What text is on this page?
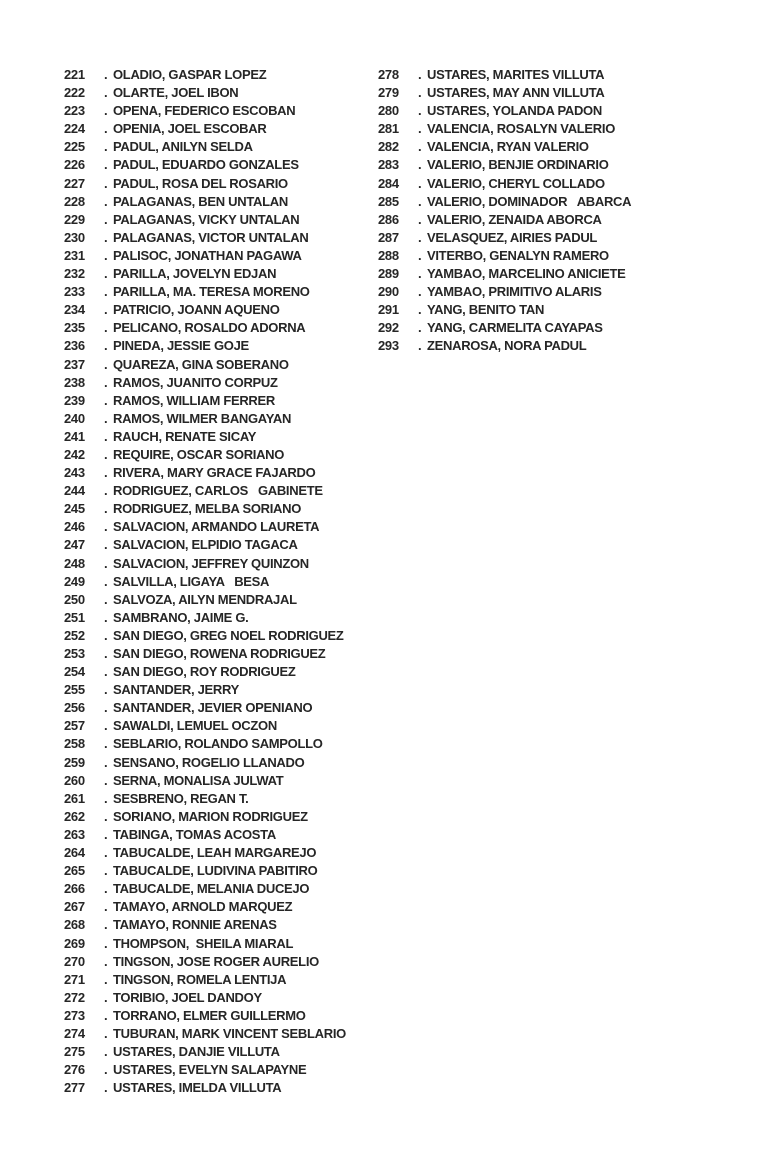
221 . OLADIO, GASPAR LOPEZ
222 . OLARTE, JOEL IBON
223 . OPENA, FEDERICO ESCOBAN
224 . OPENIA, JOEL ESCOBAR
225 . PADUL, ANILYN SELDA
226 . PADUL, EDUARDO GONZALES
227 . PADUL, ROSA DEL ROSARIO
228 . PALAGANAS, BEN UNTALAN
229 . PALAGANAS, VICKY UNTALAN
230 . PALAGANAS, VICTOR UNTALAN
231 . PALISOC, JONATHAN PAGAWA
232 . PARILLA, JOVELYN EDJAN
233 . PARILLA, MA. TERESA MORENO
234 . PATRICIO, JOANN AQUENO
235 . PELICANO, ROSALDO ADORNA
236 . PINEDA, JESSIE GOJE
237 . QUAREZA, GINA SOBERANO
238 . RAMOS, JUANITO CORPUZ
239 . RAMOS, WILLIAM FERRER
240 . RAMOS, WILMER BANGAYAN
241 . RAUCH, RENATE SICAY
242 . REQUIRE, OSCAR SORIANO
243 . RIVERA, MARY GRACE FAJARDO
244 . RODRIGUEZ, CARLOS   GABINETE
245 . RODRIGUEZ, MELBA SORIANO
246 . SALVACION, ARMANDO LAURETA
247 . SALVACION, ELPIDIO TAGACA
248 . SALVACION, JEFFREY QUINZON
249 . SALVILLA, LIGAYA   BESA
250 . SALVOZA, AILYN MENDRAJAL
251 . SAMBRANO, JAIME G.
252 . SAN DIEGO, GREG NOEL RODRIGUEZ
253 . SAN DIEGO, ROWENA RODRIGUEZ
254 . SAN DIEGO, ROY RODRIGUEZ
255 . SANTANDER, JERRY
256 . SANTANDER, JEVIER OPENIANO
257 . SAWALDI, LEMUEL OCZON
258 . SEBLARIO, ROLANDO SAMPOLLO
259 . SENSANO, ROGELIO LLANADO
260 . SERNA, MONALISA JULWAT
261 . SESBRENO, REGAN T.
262 . SORIANO, MARION RODRIGUEZ
263 . TABINGA, TOMAS ACOSTA
264 . TABUCALDE, LEAH MARGAREJO
265 . TABUCALDE, LUDIVINA PABITIRO
266 . TABUCALDE, MELANIA DUCEJO
267 . TAMAYO, ARNOLD MARQUEZ
268 . TAMAYO, RONNIE ARENAS
269 . THOMPSON,  SHEILA MIARAL
270 . TINGSON, JOSE ROGER AURELIO
271 . TINGSON, ROMELA LENTIJA
272 . TORIBIO, JOEL DANDOY
273 . TORRANO, ELMER GUILLERMO
274 . TUBURAN, MARK VINCENT SEBLARIO
275 . USTARES, DANJIE VILLUTA
276 . USTARES, EVELYN SALAPAYNE
277 . USTARES, IMELDA VILLUTA
278 . USTARES, MARITES VILLUTA
279 . USTARES, MAY ANN VILLUTA
280 . USTARES, YOLANDA PADON
281 . VALENCIA, ROSALYN VALERIO
282 . VALENCIA, RYAN VALERIO
283 . VALERIO, BENJIE ORDINARIO
284 . VALERIO, CHERYL COLLADO
285 . VALERIO, DOMINADOR   ABARCA
286 . VALERIO, ZENAIDA ABORCA
287 . VELASQUEZ, AIRIES PADUL
288 . VITERBO, GENALYN RAMERO
289 . YAMBAO, MARCELINO ANICIETE
290 . YAMBAO, PRIMITIVO ALARIS
291 . YANG, BENITO TAN
292 . YANG, CARMELITA CAYAPAS
293 . ZENAROSA, NORA PADUL
